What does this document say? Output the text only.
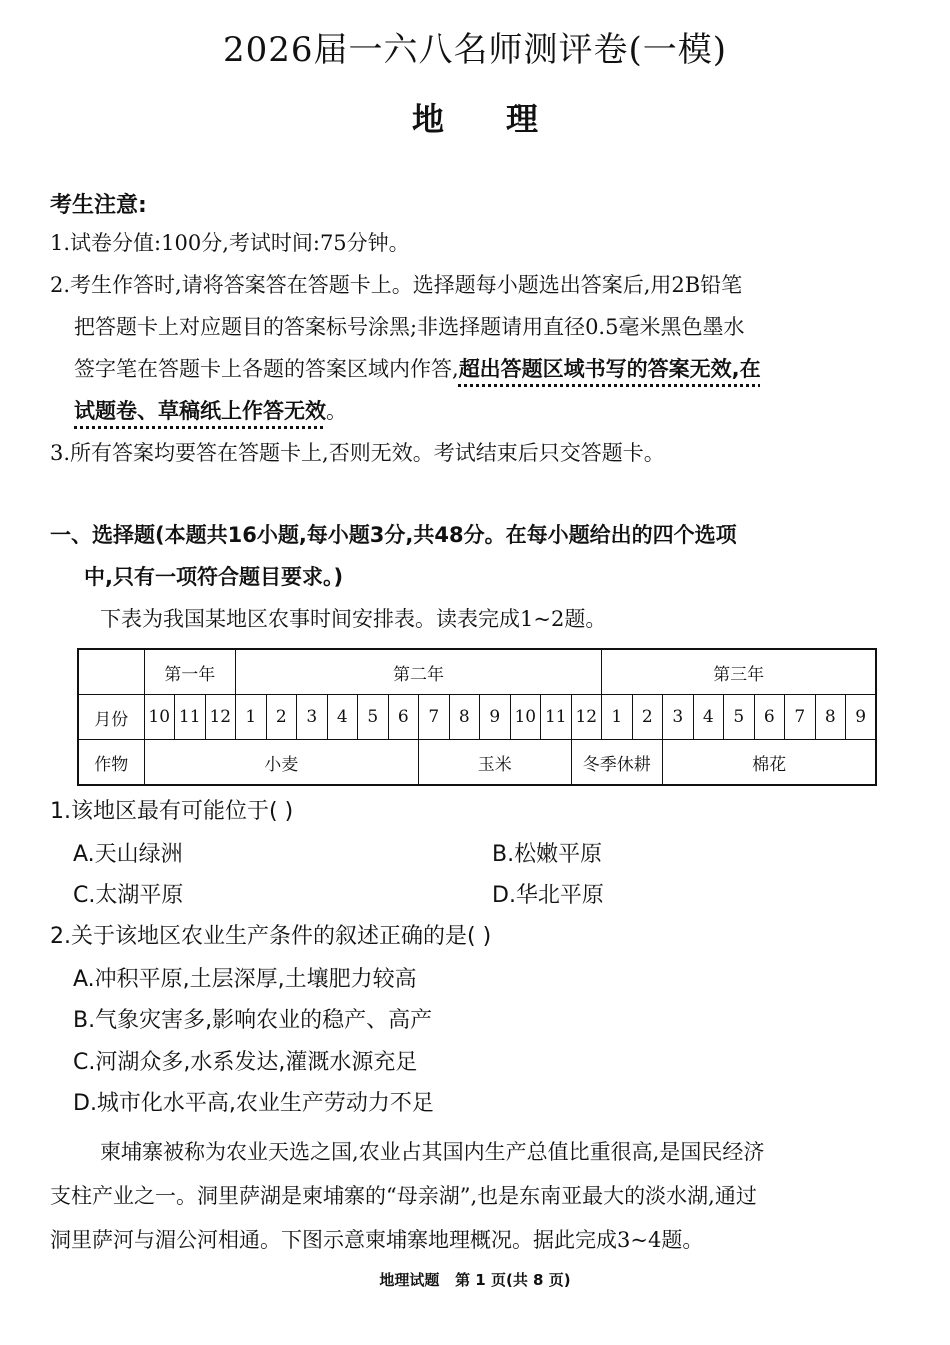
2026届一六八名师测评卷(一模)
地 理
考生注意:
1.试卷分值:100分,考试时间:75分钟。
2.考生作答时,请将答案答在答题卡上。选择题每小题选出答案后,用2B铅笔
把答题卡上对应题目的答案标号涂黑;非选择题请用直径0.5毫米黑色墨水
签字笔在答题卡上各题的答案区域内作答,超出答题区域书写的答案无效,在
试题卷、草稿纸上作答无效。
3.所有答案均要答在答题卡上,否则无效。考试结束后只交答题卡。
一、选择题(本题共16小题,每小题3分,共48分。在每小题给出的四个选项
中,只有一项符合题目要求。)
下表为我国某地区农事时间安排表。读表完成1~2题。
	第一年			第二年												第三年								
月份	10	11	12	1	2	3	4	5	6	7	8	9	10	11	12	1	2	3	4	5	6	7	8	9
作物	小麦									玉米					冬季休耕			棉花						
1.该地区最有可能位于( )
A.天山绿洲	B.松嫩平原
C.太湖平原	D.华北平原
2.关于该地区农业生产条件的叙述正确的是( )
A.冲积平原,土层深厚,土壤肥力较高
B.气象灾害多,影响农业的稳产、高产
C.河湖众多,水系发达,灌溉水源充足
D.城市化水平高,农业生产劳动力不足
柬埔寨被称为农业天选之国,农业占其国内生产总值比重很高,是国民经济
支柱产业之一。洞里萨湖是柬埔寨的“母亲湖”,也是东南亚最大的淡水湖,通过
洞里萨河与湄公河相通。下图示意柬埔寨地理概况。据此完成3~4题。
地理试题   第 1 页(共 8 页)
